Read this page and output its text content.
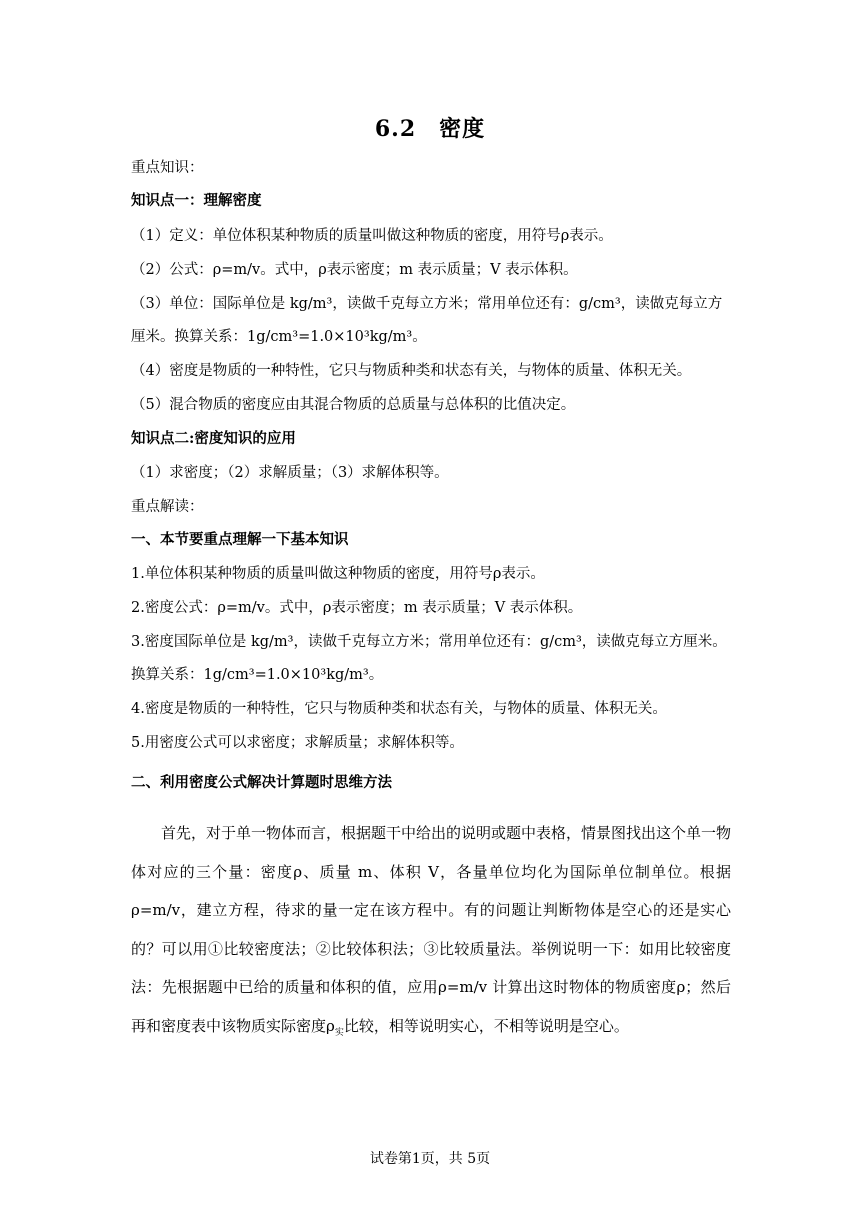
6.2　密度
重点知识：
知识点一：理解密度
（1）定义：单位体积某种物质的质量叫做这种物质的密度，用符号ρ表示。
（2）公式：ρ=m/v。式中，ρ表示密度；m 表示质量；V 表示体积。
（3）单位：国际单位是 kg/m³，读做千克每立方米；常用单位还有：g/cm³，读做克每立方
厘米。换算关系：1g/cm³=1.0×10³kg/m³。
（4）密度是物质的一种特性，它只与物质种类和状态有关，与物体的质量、体积无关。
（5）混合物质的密度应由其混合物质的总质量与总体积的比值决定。
知识点二:密度知识的应用
（1）求密度；（2）求解质量；（3）求解体积等。
重点解读：
一、本节要重点理解一下基本知识
1.单位体积某种物质的质量叫做这种物质的密度，用符号ρ表示。
2.密度公式：ρ=m/v。式中，ρ表示密度；m 表示质量；V 表示体积。
3.密度国际单位是 kg/m³，读做千克每立方米；常用单位还有：g/cm³，读做克每立方厘米。
换算关系：1g/cm³=1.0×10³kg/m³。
4.密度是物质的一种特性，它只与物质种类和状态有关，与物体的质量、体积无关。
5.用密度公式可以求密度；求解质量；求解体积等。
二、利用密度公式解决计算题时思维方法
首先，对于单一物体而言，根据题干中给出的说明或题中表格，情景图找出这个单一物体对应的三个量：密度ρ、质量 m、体积 V，各量单位均化为国际单位制单位。根据ρ=m/v，建立方程，待求的量一定在该方程中。有的问题让判断物体是空心的还是实心的？可以用①比较密度法；②比较体积法；③比较质量法。举例说明一下：如用比较密度法：先根据题中已给的质量和体积的值，应用ρ=m/v 计算出这时物体的物质密度ρ；然后再和密度表中该物质实际密度$\rho_实$比较，相等说明实心，不相等说明是空心。
试卷第1页，共 5页
